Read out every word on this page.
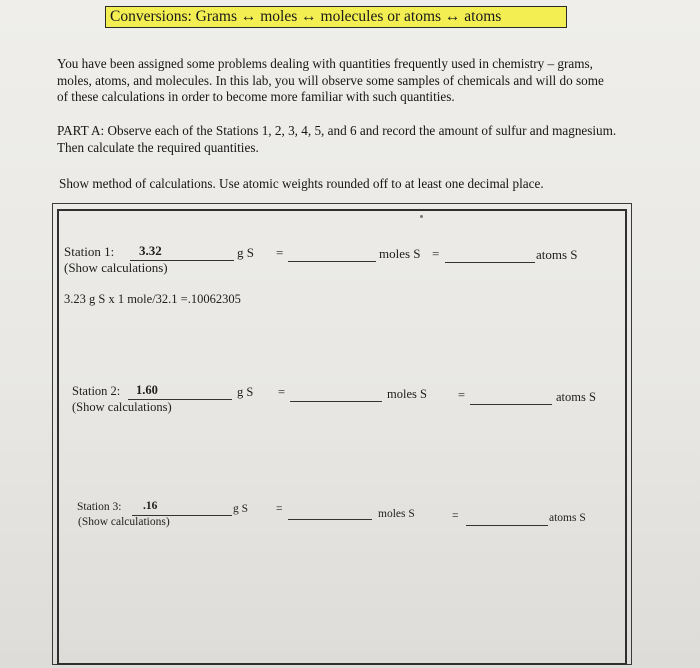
Conversions: Grams ↔ moles ↔ molecules or atoms ↔ atoms
You have been assigned some problems dealing with quantities frequently used in chemistry – grams, moles, atoms, and molecules. In this lab, you will observe some samples of chemicals and will do some of these calculations in order to become more familiar with such quantities.
PART A: Observe each of the Stations 1, 2, 3, 4, 5, and 6 and record the amount of sulfur and magnesium. Then calculate the required quantities.
Show method of calculations. Use atomic weights rounded off to at least one decimal place.
Station 1: 3.32	g S =	moles S =	atoms S
(Show calculations)
3.23 g S x 1 mole/32.1 =.10062305
Station 2: 1.60	g S =	moles S =	atoms S
(Show calculations)
Station 3: .16	g S =	moles S	=	atoms S
(Show calculations)
